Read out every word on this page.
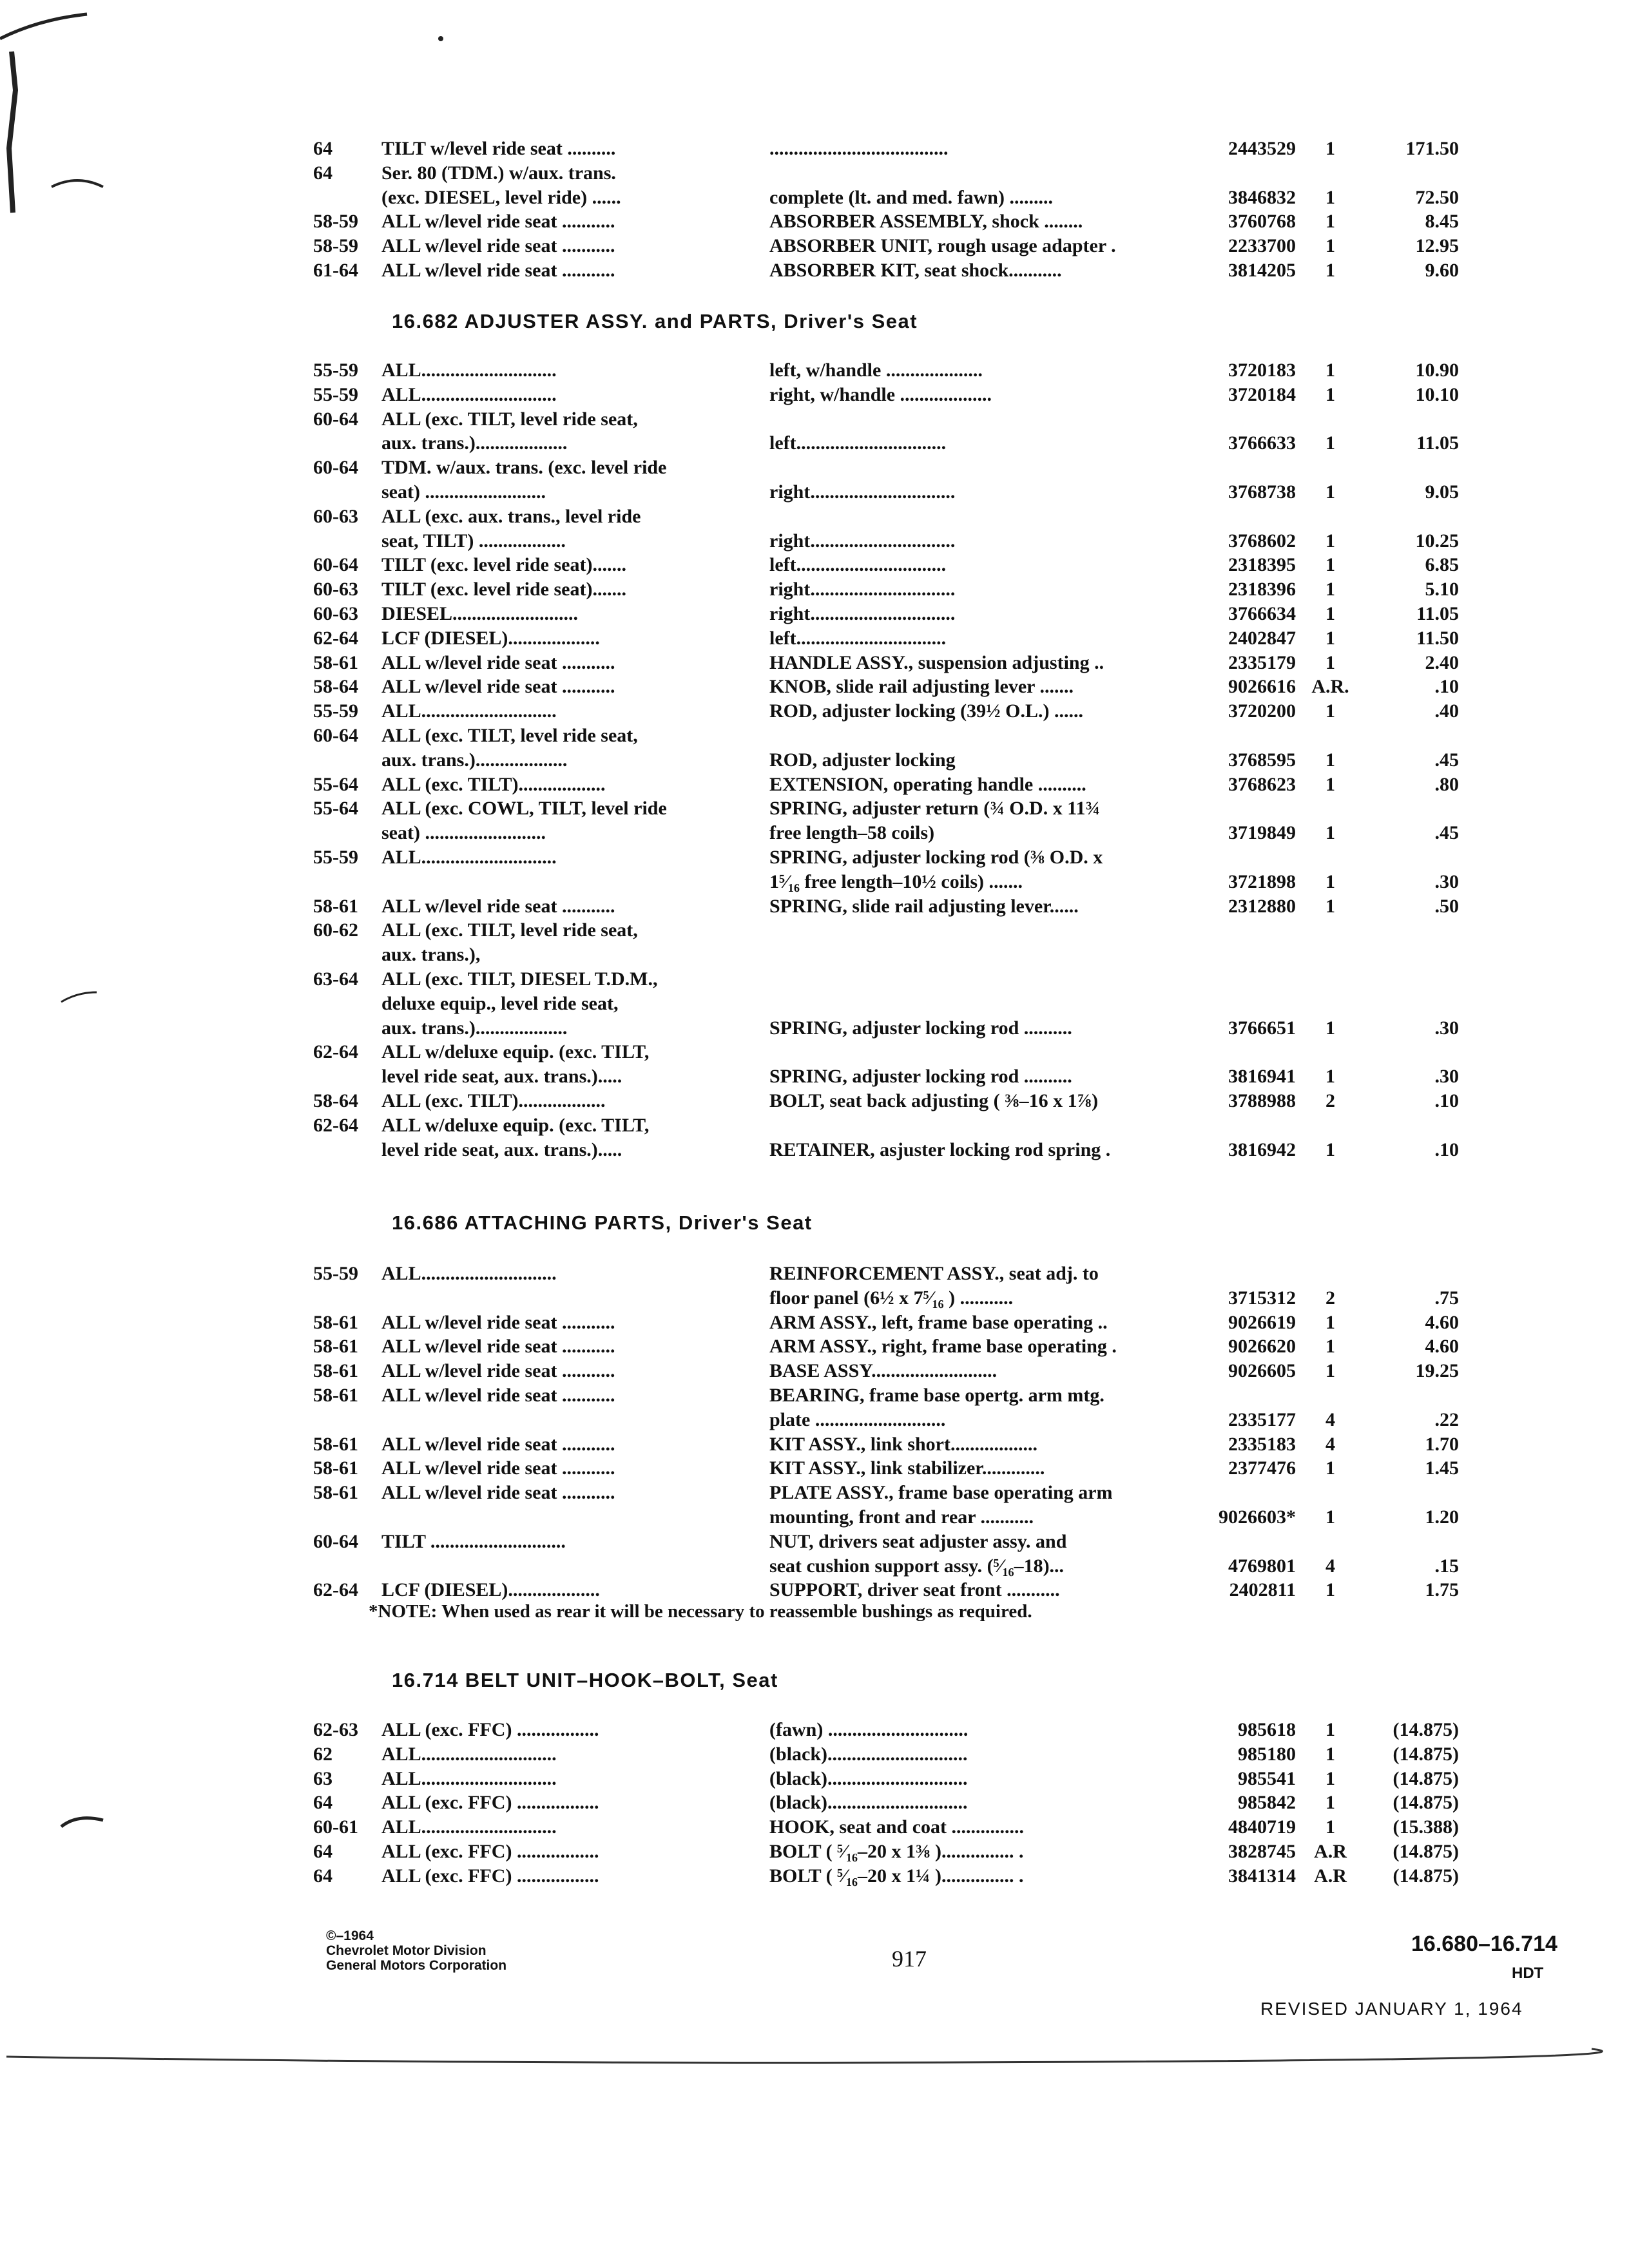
64	TILT w/level ride seat ..........	.....................................	2443529	1	171.50
64	Ser. 80 (TDM.) w/aux. trans.
(exc. DIESEL, level ride) ......	complete (lt. and med. fawn) .........	3846832	1	72.50
58-59 ALL w/level ride seat ...........	ABSORBER ASSEMBLY, shock ........	3760768	1	8.45
58-59 ALL w/level ride seat ...........	ABSORBER UNIT, rough usage adapter .	2233700	1	12.95
61-64 ALL w/level ride seat ...........	ABSORBER KIT, seat shock...........	3814205	1	9.60
16.682 ADJUSTER ASSY. and PARTS, Driver's Seat
55-59 ALL............................	left, w/handle ....................	3720183	1	10.90
55-59 ALL............................	right, w/handle ...................	3720184	1	10.10
60-64 ALL (exc. TILT, level ride seat,
aux. trans.)...................	left...............................	3766633	1	11.05
60-64 TDM. w/aux. trans. (exc. level ride
seat) .........................	right..............................	3768738	1	9.05
60-63 ALL (exc. aux. trans., level ride
seat, TILT) ..................	right..............................	3768602	1	10.25
60-64 TILT (exc. level ride seat).......	left...............................	2318395	1	6.85
60-63 TILT (exc. level ride seat).......	right..............................	2318396	1	5.10
60-63 DIESEL..........................	right..............................	3766634	1	11.05
62-64 LCF (DIESEL)...................	left...............................	2402847	1	11.50
58-61 ALL w/level ride seat ...........	HANDLE ASSY., suspension adjusting ..	2335179	1	2.40
58-64 ALL w/level ride seat ...........	KNOB, slide rail adjusting lever .......	9026616 A.R.	.10
55-59 ALL............................	ROD, adjuster locking (39½ O.L.) ......	3720200	1	.40
60-64 ALL (exc. TILT, level ride seat,
aux. trans.)...................	ROD, adjuster locking	3768595	1	.45
55-64 ALL (exc. TILT)..................	EXTENSION, operating handle ..........	3768623	1	.80
55-64 ALL (exc. COWL, TILT, level ride	SPRING, adjuster return (¾ O.D. x 11¾
seat) .........................	free length–58 coils)	3719849	1	.45
55-59 ALL............................	SPRING, adjuster locking rod (⅜ O.D. x
1⁵⁄₁₆ free length–10½ coils) .......	3721898	1	.30
58-61 ALL w/level ride seat ...........	SPRING, slide rail adjusting lever......	2312880	1	.50
60-62 ALL (exc. TILT, level ride seat,
aux. trans.),
63-64 ALL (exc. TILT, DIESEL T.D.M.,
deluxe equip., level ride seat,
aux. trans.)...................	SPRING, adjuster locking rod ..........	3766651	1	.30
62-64 ALL w/deluxe equip. (exc. TILT,
level ride seat, aux. trans.).....	SPRING, adjuster locking rod ..........	3816941	1	.30
58-64 ALL (exc. TILT)..................	BOLT, seat back adjusting ( ⅜–16 x 1⅞)	3788988	2	.10
62-64 ALL w/deluxe equip. (exc. TILT,
level ride seat, aux. trans.).....	RETAINER, asjuster locking rod spring .	3816942	1	.10
16.686 ATTACHING PARTS, Driver's Seat
55-59 ALL............................	REINFORCEMENT ASSY., seat adj. to
floor panel (6½ x 7⁵⁄₁₆ ) ...........	3715312	2	.75
58-61 ALL w/level ride seat ...........	ARM ASSY., left, frame base operating ..	9026619	1	4.60
58-61 ALL w/level ride seat ...........	ARM ASSY., right, frame base operating .	9026620	1	4.60
58-61 ALL w/level ride seat ...........	BASE ASSY..........................	9026605	1	19.25
58-61 ALL w/level ride seat ...........	BEARING, frame base opertg. arm mtg.
plate ...........................	2335177	4	.22
58-61 ALL w/level ride seat ...........	KIT ASSY., link short..................	2335183	4	1.70
58-61 ALL w/level ride seat ...........	KIT ASSY., link stabilizer.............	2377476	1	1.45
58-61 ALL w/level ride seat ...........	PLATE ASSY., frame base operating arm
mounting, front and rear ...........	9026603*	1	1.20
60-64 TILT ............................	NUT, drivers seat adjuster assy. and
seat cushion support assy. (⁵⁄₁₆–18)...	4769801	4	.15
62-64 LCF (DIESEL)...................	SUPPORT, driver seat front ...........	2402811	1	1.75
*NOTE: When used as rear it will be necessary to reassemble bushings as required.
16.714 BELT UNIT–HOOK–BOLT, Seat
62-63 ALL (exc. FFC) .................	(fawn) .............................	985618	1	(14.875)
62	ALL............................	(black).............................	985180	1	(14.875)
63	ALL............................	(black).............................	985541	1	(14.875)
64	ALL (exc. FFC) .................	(black).............................	985842	1	(14.875)
60-61 ALL............................	HOOK, seat and coat ...............	4840719	1	(15.388)
64	ALL (exc. FFC) .................	BOLT ( ⁵⁄₁₆–20 x 1⅜ )............... .	3828745 A.R	(14.875)
64	ALL (exc. FFC) .................	BOLT ( ⁵⁄₁₆–20 x 1¼ )............... .	3841314 A.R	(14.875)
©–1964
Chevrolet Motor Division
General Motors Corporation	917
16.680–16.714
HDT
REVISED JANUARY 1, 1964
